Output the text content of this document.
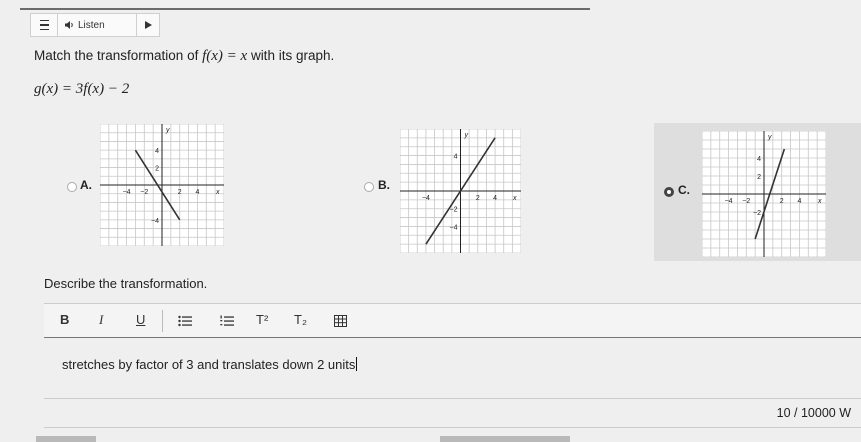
Listen
Match the transformation of f(x) = x with its graph.
g(x) = 3f(x) − 2
A.
−4 −2	2 4
4
2
−4
x
y
B.
−4	2 4
4
−2
−4
x
y
C.
−4 −2	2 4
4
2
−2
x
y
Describe the transformation.
B I	U	T² T₂
stretches by factor of 3 and translates down 2 units
10 / 10000 W
